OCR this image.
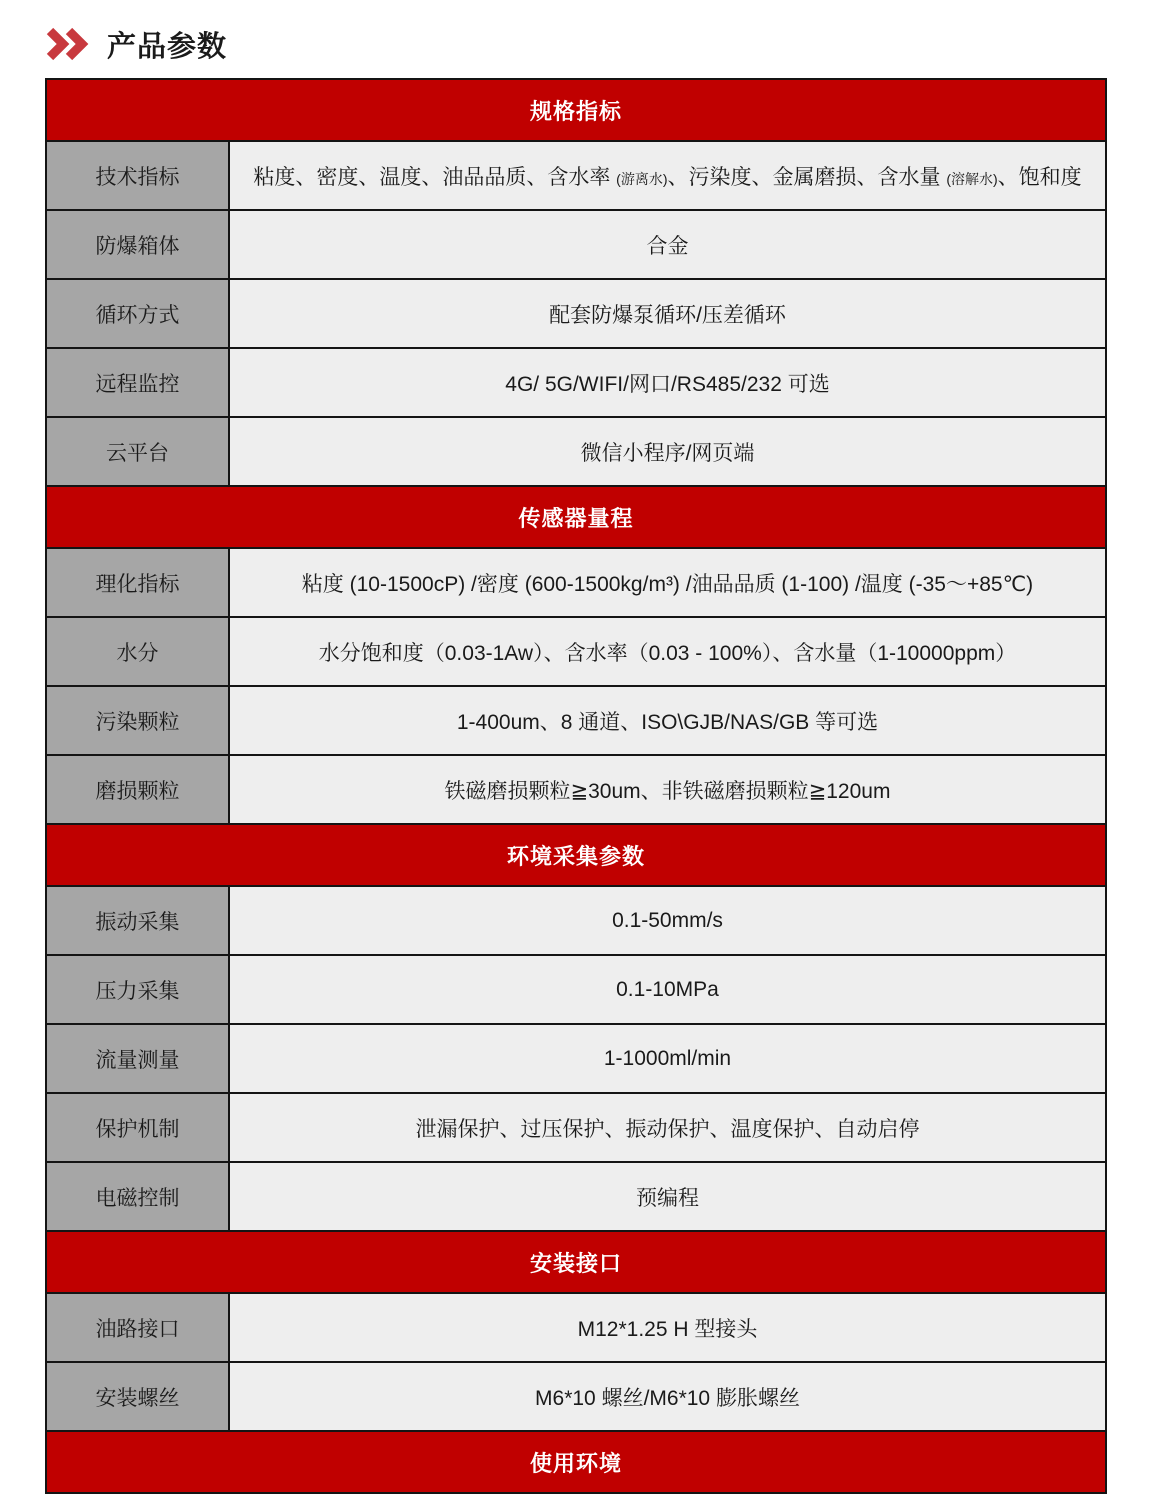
产品参数
规格指标	
技术指标	粘度、密度、温度、油品品质、含水率 (游离水)、污染度、金属磨损、含水量 (溶解水)、饱和度
防爆箱体	合金
循环方式	配套防爆泵循环/压差循环
远程监控	4G/ 5G/WIFI/网口/RS485/232 可选
云平台	微信小程序/网页端
传感器量程	
理化指标	粘度 (10-1500cP) /密度 (600-1500kg/m³) /油品品质 (1-100) /温度 (-35～+85℃)
水分	水分饱和度（0.03-1Aw）、含水率（0.03 - 100%）、含水量（1-10000ppm）
污染颗粒	1-400um、8 通道、ISO\GJB/NAS/GB 等可选
磨损颗粒	铁磁磨损颗粒≧30um、非铁磁磨损颗粒≧120um
环境采集参数	
振动采集	0.1-50mm/s
压力采集	0.1-10MPa
流量测量	1-1000ml/min
保护机制	泄漏保护、过压保护、振动保护、温度保护、自动启停
电磁控制	预编程
安装接口	
油路接口	M12*1.25 H 型接头
安装螺丝	M6*10 螺丝/M6*10 膨胀螺丝
使用环境	
